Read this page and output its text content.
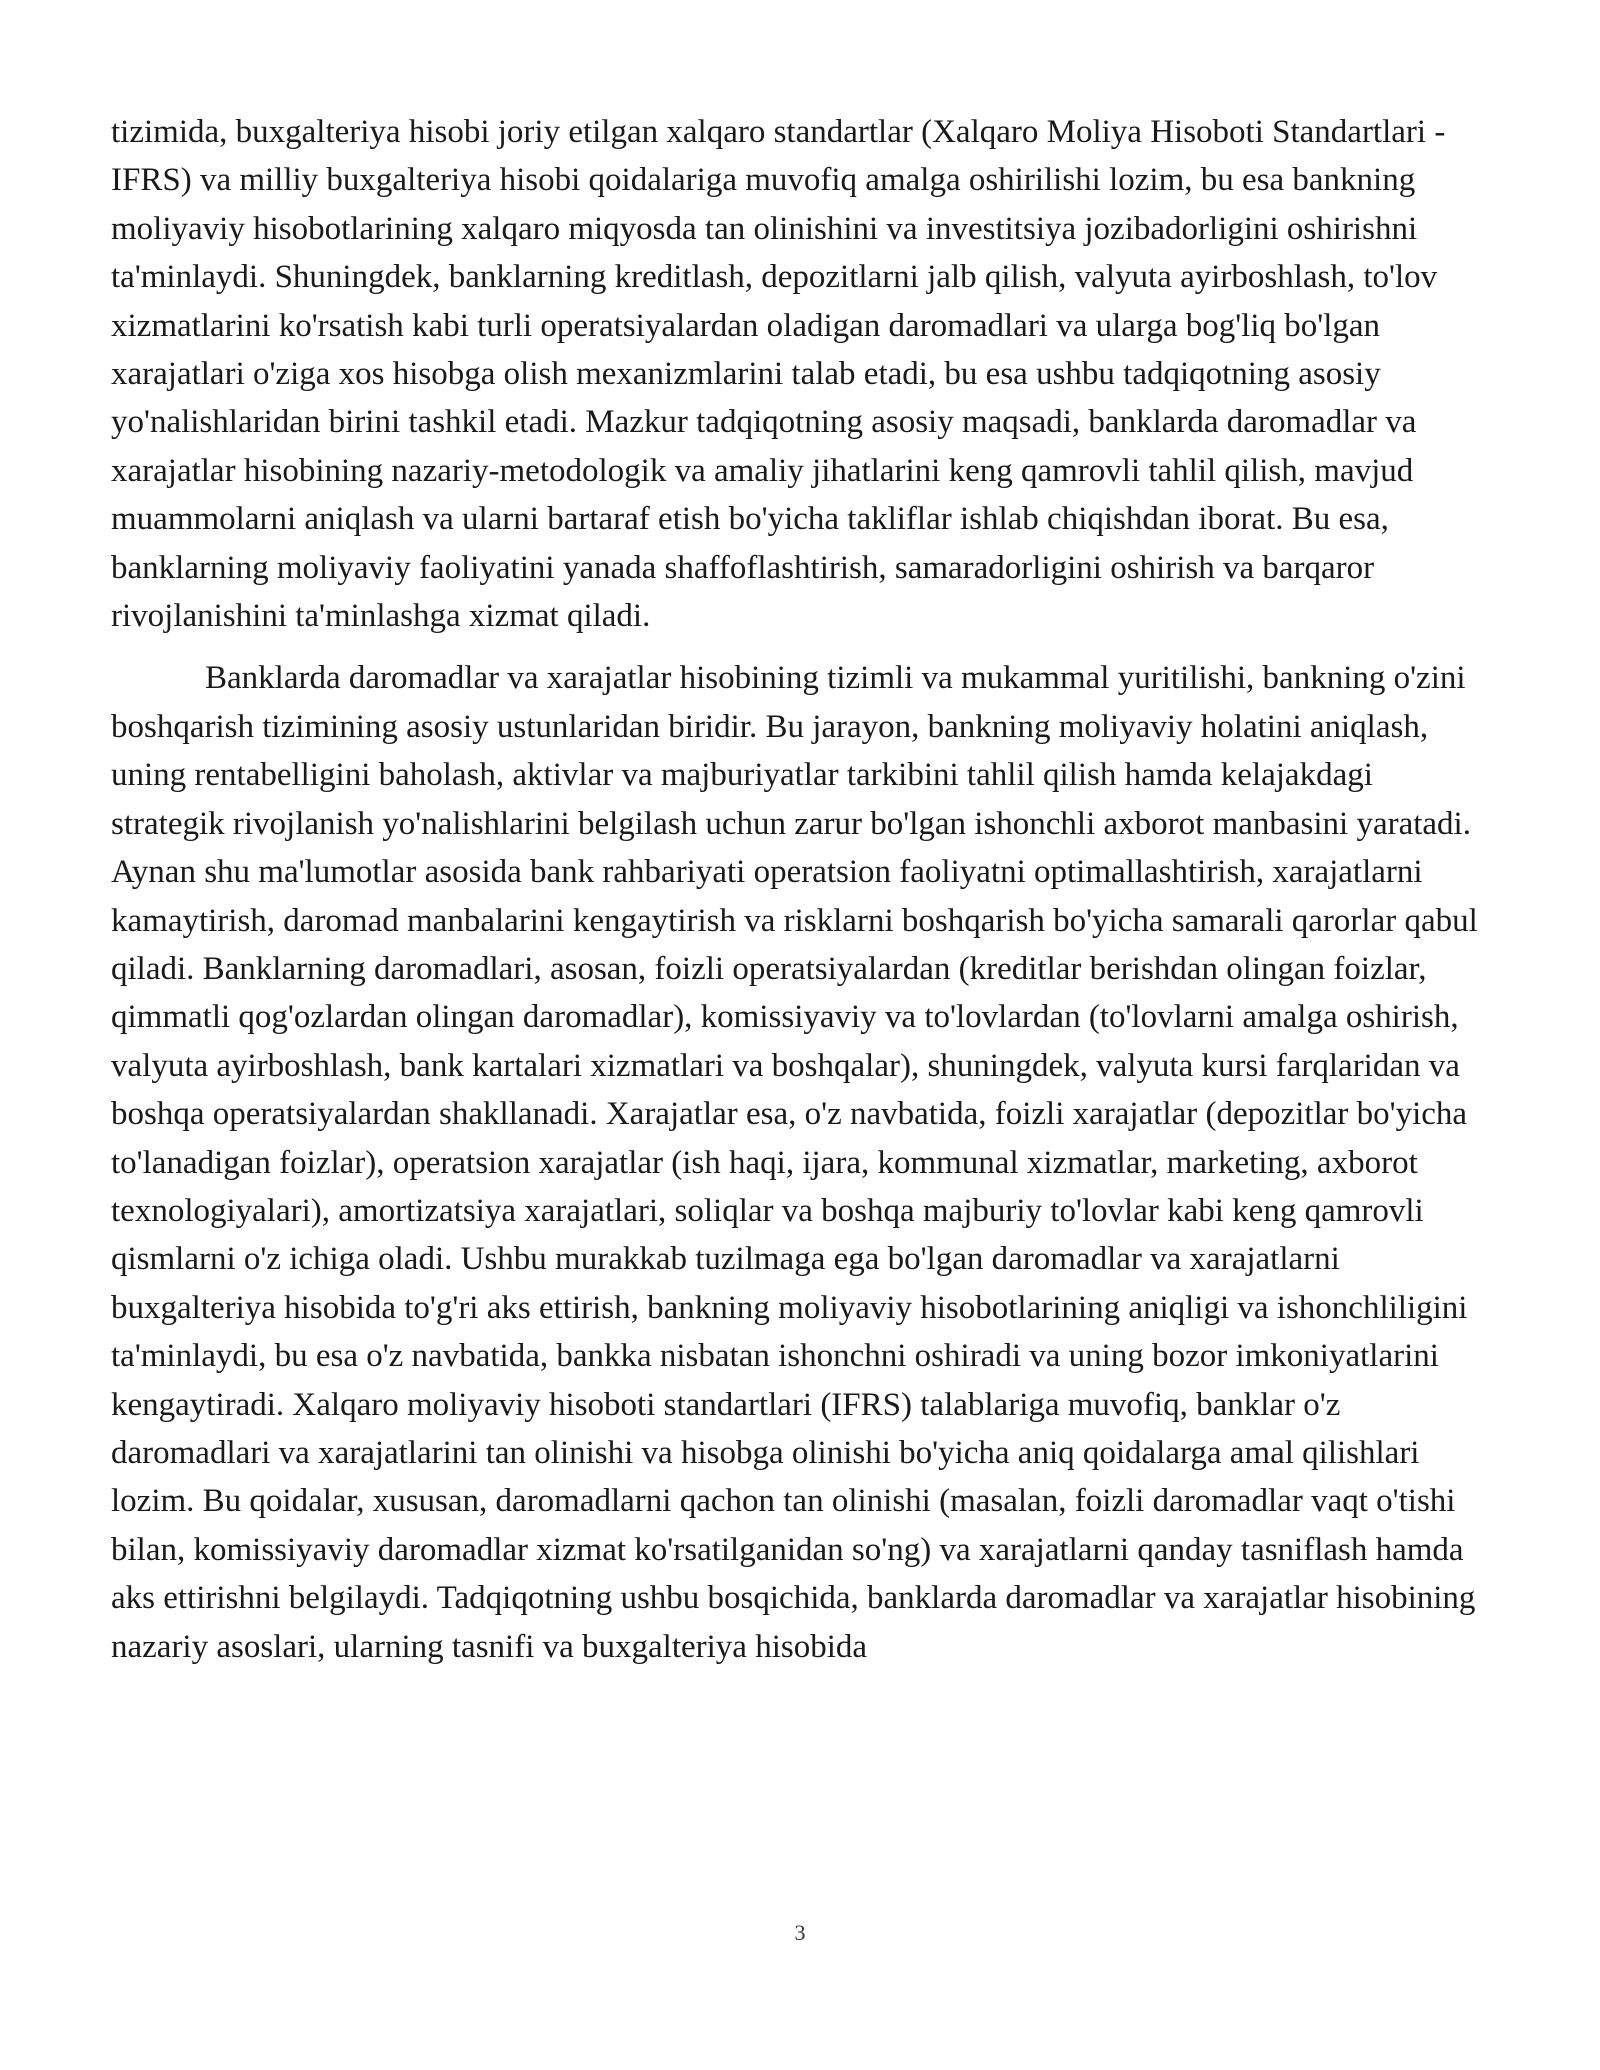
tizimida, buxgalteriya hisobi joriy etilgan xalqaro standartlar (Xalqaro Moliya Hisoboti Standartlari - IFRS) va milliy buxgalteriya hisobi qoidalariga muvofiq amalga oshirilishi lozim, bu esa bankning moliyaviy hisobotlarining xalqaro miqyosda tan olinishini va investitsiya jozibadorligini oshirishni ta'minlaydi. Shuningdek, banklarning kreditlash, depozitlarni jalb qilish, valyuta ayirboshlash, to'lov xizmatlarini ko'rsatish kabi turli operatsiyalardan oladigan daromadlari va ularga bog'liq bo'lgan xarajatlari o'ziga xos hisobga olish mexanizmlarini talab etadi, bu esa ushbu tadqiqotning asosiy yo'nalishlaridan birini tashkil etadi. Mazkur tadqiqotning asosiy maqsadi, banklarda daromadlar va xarajatlar hisobining nazariy-metodologik va amaliy jihatlarini keng qamrovli tahlil qilish, mavjud muammolarni aniqlash va ularni bartaraf etish bo'yicha takliflar ishlab chiqishdan iborat. Bu esa, banklarning moliyaviy faoliyatini yanada shaffoflashtirish, samaradorligini oshirish va barqaror rivojlanishini ta'minlashga xizmat qiladi.

Banklarda daromadlar va xarajatlar hisobining tizimli va mukammal yuritilishi, bankning o'zini boshqarish tizimining asosiy ustunlaridan biridir. Bu jarayon, bankning moliyaviy holatini aniqlash, uning rentabelligini baholash, aktivlar va majburiyatlar tarkibini tahlil qilish hamda kelajakdagi strategik rivojlanish yo'nalishlarini belgilash uchun zarur bo'lgan ishonchli axborot manbasini yaratadi. Aynan shu ma'lumotlar asosida bank rahbariyati operatsion faoliyatni optimallashtirish, xarajatlarni kamaytirish, daromad manbalarini kengaytirish va risklarni boshqarish bo'yicha samarali qarorlar qabul qiladi. Banklarning daromadlari, asosan, foizli operatsiyalardan (kreditlar berishdan olingan foizlar, qimmatli qog'ozlardan olingan daromadlar), komissiyaviy va to'lovlardan (to'lovlarni amalga oshirish, valyuta ayirboshlash, bank kartalari xizmatlari va boshqalar), shuningdek, valyuta kursi farqlaridan va boshqa operatsiyalardan shakllanadi. Xarajatlar esa, o'z navbatida, foizli xarajatlar (depozitlar bo'yicha to'lanadigan foizlar), operatsion xarajatlar (ish haqi, ijara, kommunal xizmatlar, marketing, axborot texnologiyalari), amortizatsiya xarajatlari, soliqlar va boshqa majburiy to'lovlar kabi keng qamrovli qismlarni o'z ichiga oladi. Ushbu murakkab tuzilmaga ega bo'lgan daromadlar va xarajatlarni buxgalteriya hisobida to'g'ri aks ettirish, bankning moliyaviy hisobotlarining aniqligi va ishonchliligini ta'minlaydi, bu esa o'z navbatida, bankka nisbatan ishonchni oshiradi va uning bozor imkoniyatlarini kengaytiradi. Xalqaro moliyaviy hisoboti standartlari (IFRS) talablariga muvofiq, banklar o'z daromadlari va xarajatlarini tan olinishi va hisobga olinishi bo'yicha aniq qoidalarga amal qilishlari lozim. Bu qoidalar, xususan, daromadlarni qachon tan olinishi (masalan, foizli daromadlar vaqt o'tishi bilan, komissiyaviy daromadlar xizmat ko'rsatilganidan so'ng) va xarajatlarni qanday tasniflash hamda aks ettirishni belgilaydi. Tadqiqotning ushbu bosqichida, banklarda daromadlar va xarajatlar hisobining nazariy asoslari, ularning tasnifi va buxgalteriya hisobida

3
